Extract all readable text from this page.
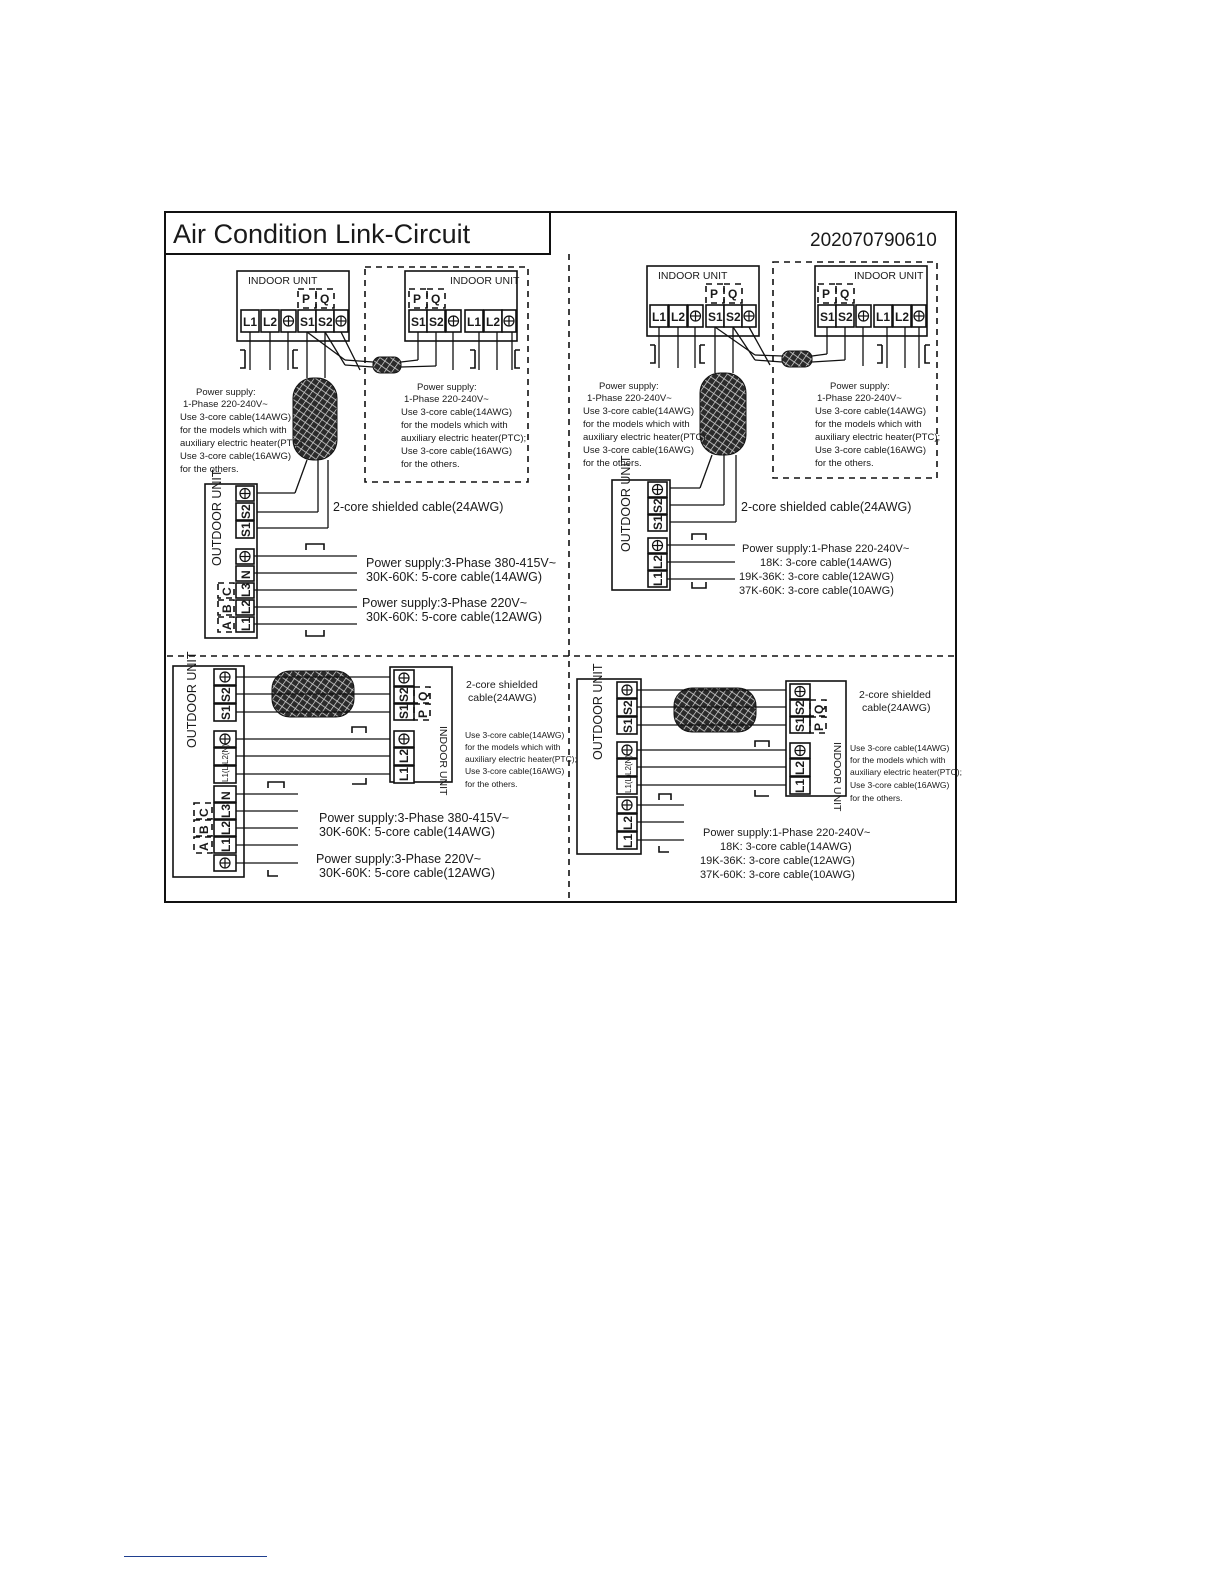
Air Condition Link-Circuit	202070790610
INDOOR UNIT
L1 L2 S1 S2
P Q
INDOOR UNIT
P Q
S1 S2 L1 L2
Power supply:
1-Phase 220-240V~
Use 3-core cable(14AWG)
for the models which with
auxiliary electric heater(PTC);
Use 3-core cable(16AWG)
for the others.
Power supply:
1-Phase 220-240V~
Use 3-core cable(14AWG)
for the models which with
auxiliary electric heater(PTC);
Use 3-core cable(16AWG)
for the others.
OUTDOOR UNIT S2
S1
N
L3
L2
L1
C
B
A
2-core shielded cable(24AWG)
Power supply:3-Phase 380-415V~
30K-60K: 5-core cable(14AWG)
Power supply:3-Phase 220V~
30K-60K: 5-core cable(12AWG)
INDOOR UNIT
L1 L2 S1 S2
P Q
INDOOR UNIT
P Q
S1 S2 L1 L2
Power supply:
1-Phase 220-240V~
Use 3-core cable(14AWG)
for the models which with
auxiliary electric heater(PTC);
Use 3-core cable(16AWG)
for the others.
Power supply:
1-Phase 220-240V~
Use 3-core cable(14AWG)
for the models which with
auxiliary electric heater(PTC);
Use 3-core cable(16AWG)
for the others.
OUTDOOR UNIT S2
S1
L2
L1
2-core shielded cable(24AWG)
Power supply:1-Phase 220-240V~
18K: 3-core cable(14AWG)
19K-36K: 3-core cable(12AWG)
37K-60K: 3-core cable(10AWG)
OUTDOOR UNIT S2
S1
L2(N)
L1(L)
N
L3
L2
L1
C
B
A
INDOOR UNIT
S2
S1
Q
P
L2
L1
2-core shielded
cable(24AWG)
Use 3-core cable(14AWG)
for the models which with
auxiliary electric heater(PTC);
Use 3-core cable(16AWG)
for the others.
Power supply:3-Phase 380-415V~
30K-60K: 5-core cable(14AWG)
Power supply:3-Phase 220V~
30K-60K: 5-core cable(12AWG)
OUTDOOR UNIT S2
S1
L2(N)
L1(L)
L2
L1
INDOOR UNIT
S2
S1
Q
P
L2
L1
2-core shielded
cable(24AWG)
Use 3-core cable(14AWG)
for the models which with
auxiliary electric heater(PTC);
Use 3-core cable(16AWG)
for the others.
Power supply:1-Phase 220-240V~
18K: 3-core cable(14AWG)
19K-36K: 3-core cable(12AWG)
37K-60K: 3-core cable(10AWG)
